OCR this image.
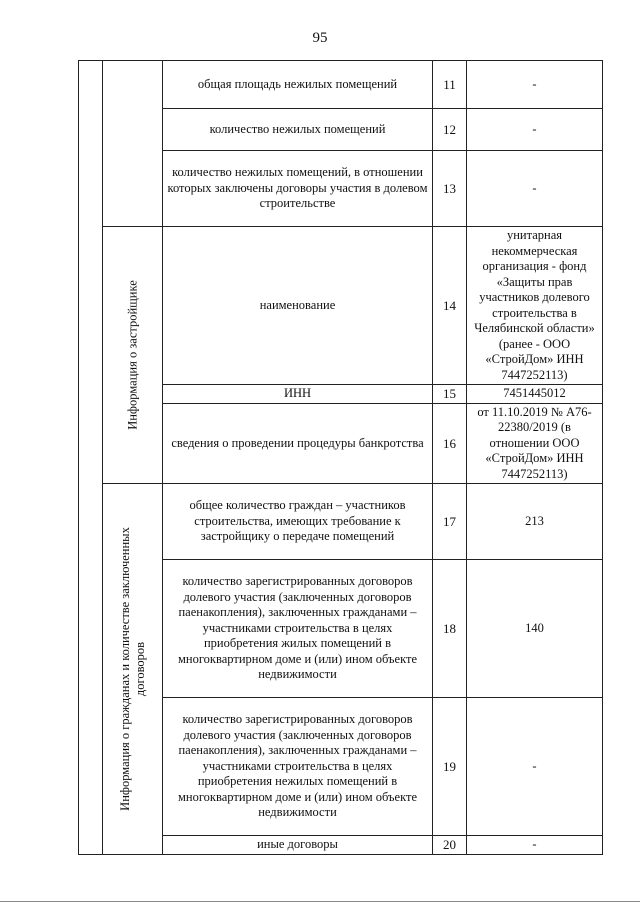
95
		общая площадь нежилых помещений	11	-
		количество нежилых помещений	12	-
		количество нежилых помещений, в отношении которых заключены договоры участия в долевом строительстве	13	-

	Информация о застройщике	наименование	14	унитарная некоммерческая организация - фонд «Защиты прав участников долевого строительства в Челябинской области» (ранее - ООО «СтройДом» ИНН 7447252113)
		ИНН	15	7451445012
		сведения о проведении процедуры банкротства	16	от 11.10.2019 № А76-22380/2019 (в отношении ООО «СтройДом» ИНН 7447252113)

	Информация о гражданах и количестве заключенных договоров	общее количество граждан – участников строительства, имеющих требование к застройщику о передаче помещений	17	213
		количество зарегистрированных договоров долевого участия (заключенных договоров паенакопления), заключенных гражданами – участниками строительства в целях приобретения жилых помещений в многоквартирном доме и (или) ином объекте недвижимости	18	140
		количество зарегистрированных договоров долевого участия (заключенных договоров паенакопления), заключенных гражданами – участниками строительства в целях приобретения нежилых помещений в многоквартирном доме и (или) ином объекте недвижимости	19	-
		иные договоры	20	-
